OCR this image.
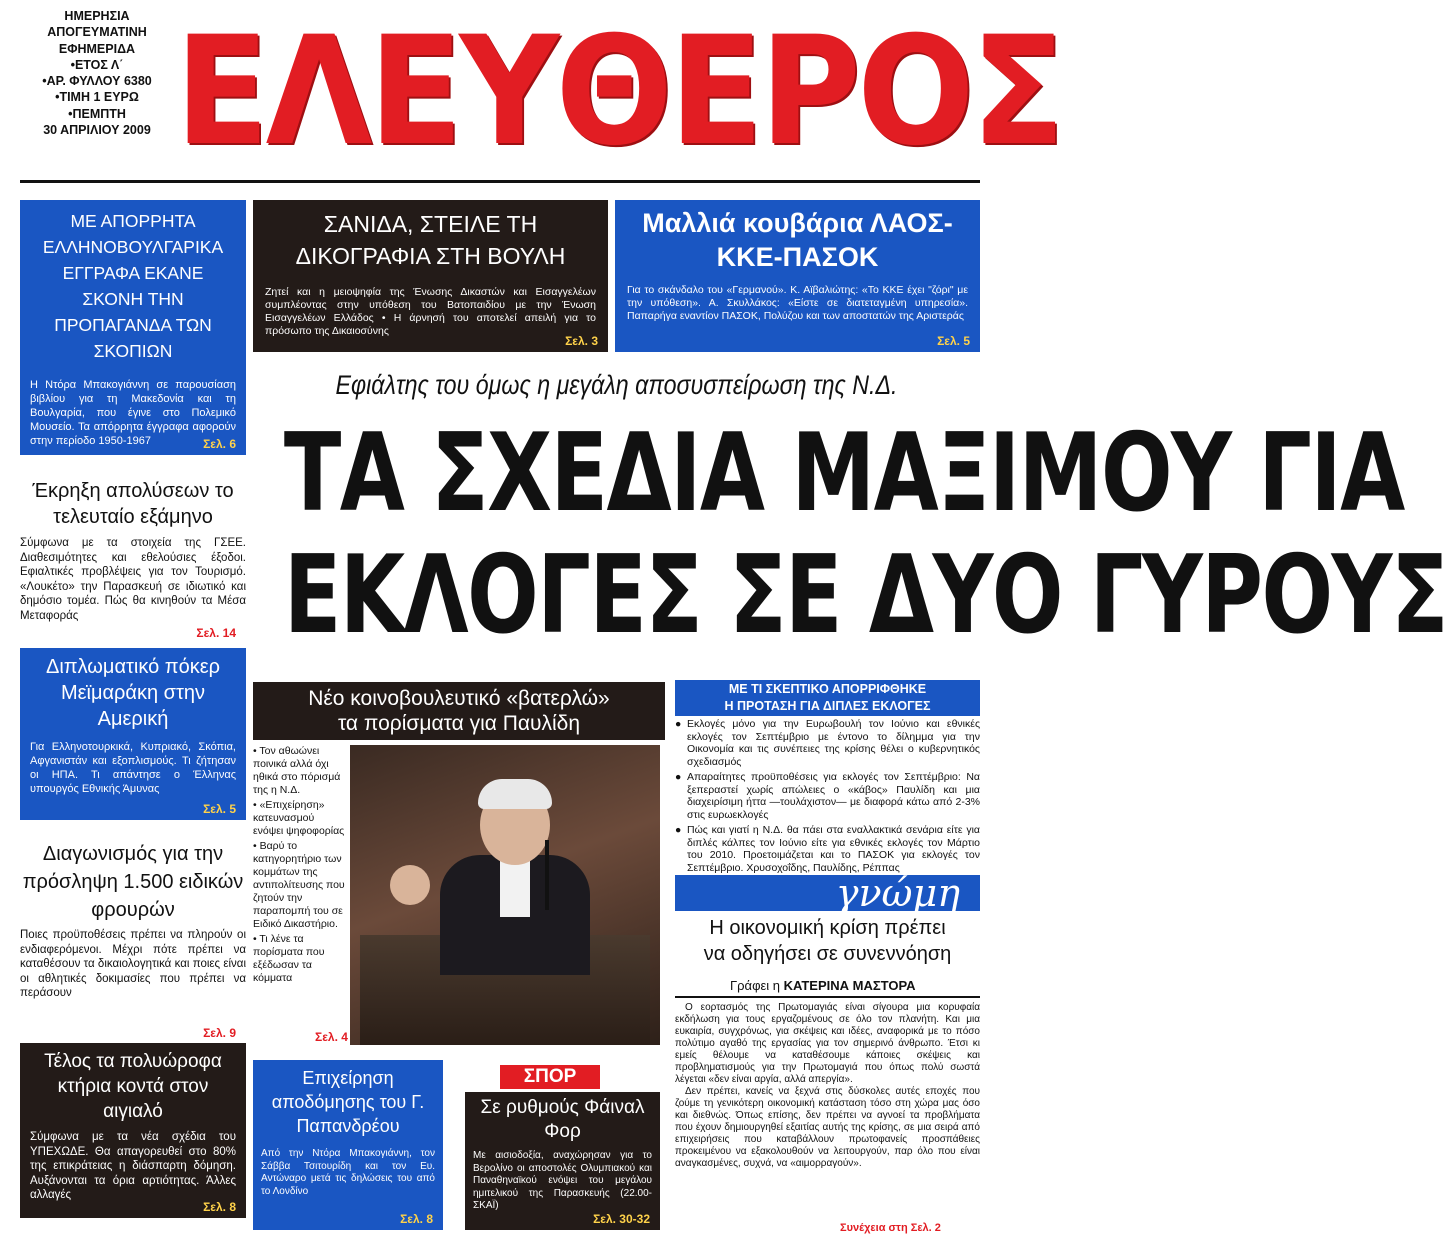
ΗΜΕΡΗΣΙΑ
ΑΠΟΓΕΥΜΑΤΙΝΗ
ΕΦΗΜΕΡΙΔΑ
•ΕΤΟΣ Λ΄
•ΑΡ. ΦΥΛΛΟΥ 6380
•ΤΙΜΗ 1 ΕΥΡΩ
•ΠΕΜΠΤΗ
30 ΑΠΡΙΛΙΟΥ 2009 ΕΛΕΥΘΕΡΟΣ
ΜΕ ΑΠΟΡΡΗΤΑ ΕΛΛΗΝΟΒΟΥΛΓΑΡΙΚΑ ΕΓΓΡΑΦΑ ΕΚΑΝΕ ΣΚΟΝΗ ΤΗΝ ΠΡΟΠΑΓΑΝΔΑ ΤΩΝ ΣΚΟΠΙΩΝ
Η Ντόρα Μπακογιάννη σε παρουσίαση βιβλίου για τη Μακεδονία και τη Βουλγαρία, που έγινε στο Πολεμικό Μουσείο. Τα απόρρητα έγγραφα αφορούν στην περίοδο 1950-1967	Σελ. 6
Έκρηξη απολύσεων το τελευταίο εξάμηνο
Σύμφωνα με τα στοιχεία της ΓΣΕΕ. Διαθεσιμότητες και εθελούσιες έξοδοι. Εφιαλτικές προβλέψεις για τον Τουρισμό. «Λουκέτο» την Παρασκευή σε ιδιωτικό και δημόσιο τομέα. Πώς θα κινηθούν τα Μέσα Μεταφοράς
Σελ. 14
Διπλωματικό πόκερ Μεϊμαράκη στην Αμερική
Για Ελληνοτουρκικά, Κυπριακό, Σκόπια, Αφγανιστάν και εξοπλισμούς. Τι ζήτησαν οι ΗΠΑ. Τι απάντησε ο Έλληνας υπουργός Εθνικής Άμυνας
Σελ. 5
Διαγωνισμός για την πρόσληψη 1.500 ειδικών φρουρών
Ποιες προϋποθέσεις πρέπει να πληρούν οι ενδιαφερόμενοι. Μέχρι πότε πρέπει να καταθέσουν τα δικαιολογητικά και ποιες είναι οι αθλητικές δοκιμασίες που πρέπει να περάσουν
Σελ. 9
Τέλος τα πολυώροφα κτήρια κοντά στον αιγιαλό
Σύμφωνα με τα νέα σχέδια του ΥΠΕΧΩΔΕ. Θα απαγορευθεί στο 80% της επικράτειας η διάσπαρτη δόμηση. Αυξάνονται τα όρια αρτιότητας. Άλλες αλλαγές
Σελ. 8
ΣΑΝΙΔΑ, ΣΤΕΙΛΕ ΤΗ ΔΙΚΟΓΡΑΦΙΑ ΣΤΗ ΒΟΥΛΗ
Ζητεί και η μειοψηφία της Ένωσης Δικαστών και Εισαγγελέων συμπλέοντας στην υπόθεση του Βατοπαιδίου με την Ένωση Εισαγγελέων Ελλάδος • Η άρνησή του αποτελεί απειλή για το πρόσωπο της Δικαιοσύνης
Σελ. 3
Μαλλιά κουβάρια ΛΑΟΣ-ΚΚΕ-ΠΑΣΟΚ
Για το σκάνδαλο του «Γερμανού». Κ. Αϊβαλιώτης: «Το ΚΚΕ έχει "ζόρι" με την υπόθεση». Α. Σκυλλάκος: «Είστε σε διατεταγμένη υπηρεσία». Παπαρήγα εναντίον ΠΑΣΟΚ, Πολύζου και των αποστατών της Αριστεράς
Σελ. 5
Εφιάλτης του όμως η μεγάλη αποσυσπείρωση της Ν.Δ.
ΤΑ ΣΧΕΔΙΑ ΜΑΞΙΜΟΥ ΓΙΑ
ΕΚΛΟΓΕΣ ΣΕ ΔΥΟ ΓΥΡΟΥΣ
Νέο κοινοβουλευτικό «βατερλώ»
τα πορίσματα για Παυλίδη
• Τον αθωώνει ποινικά αλλά όχι ηθικά στο πόρισμά της η Ν.Δ.
• «Επιχείρηση» κατευνασμού ενόψει ψηφοφορίας
• Βαρύ το κατηγορητήριο των κομμάτων της αντιπολίτευσης που ζητούν την παραπομπή του σε Ειδικό Δικαστήριο.
• Τι λένε τα πορίσματα που εξέδωσαν τα κόμματα
Σελ. 4
ΜΕ ΤΙ ΣΚΕΠΤΙΚΟ ΑΠΟΡΡΙΦΘΗΚΕ
Η ΠΡΟΤΑΣΗ ΓΙΑ ΔΙΠΛΕΣ ΕΚΛΟΓΕΣ
● Εκλογές μόνο για την Ευρωβουλή τον Ιούνιο και εθνικές εκλογές τον Σεπτέμβριο με έντονο το δίλημμα για την Οικονομία και τις συνέπειες της κρίσης θέλει ο κυβερνητικός σχεδιασμός
● Απαραίτητες προϋποθέσεις για εκλογές τον Σεπτέμβριο: Να ξεπεραστεί χωρίς απώλειες ο «κάβος» Παυλίδη και μια διαχειρίσιμη ήττα —τουλάχιστον— με διαφορά κάτω από 2-3% στις ευρωεκλογές
● Πώς και γιατί η Ν.Δ. θα πάει στα εναλλακτικά σενάρια είτε για διπλές κάλπες τον Ιούνιο είτε για εθνικές εκλογές τον Μάρτιο του 2010. Προετοιμάζεται και το ΠΑΣΟΚ για εκλογές τον Σεπτέμβριο. Χρυσοχοΐδης, Παυλίδης, Ρέππας
γνώμη
Η οικονομική κρίση πρέπει
να οδηγήσει σε συνεννόηση
Γράφει η ΚΑΤΕΡΙΝΑ ΜΑΣΤΟΡΑ
Ο εορτασμός της Πρωτομαγιάς είναι σίγουρα μια κορυφαία εκδήλωση για τους εργαζομένους σε όλο τον πλανήτη. Και μια ευκαιρία, συγχρόνως, για σκέψεις και ιδέες, αναφορικά με το πόσο πολύτιμο αγαθό της εργασίας για τον σημερινό άνθρωπο. Έτσι κι εμείς θέλουμε να καταθέσουμε κάποιες σκέψεις και προβληματισμούς για την Πρωτομαγιά που όπως πολύ σωστά λέγεται «δεν είναι αργία, αλλά απεργία».
Δεν πρέπει, κανείς να ξεχνά στις δύσκολες αυτές εποχές που ζούμε τη γενικότερη οικονομική κατάσταση τόσο στη χώρα μας όσο και διεθνώς. Όπως επίσης, δεν πρέπει να αγνοεί τα προβλήματα που έχουν δημιουργηθεί εξαιτίας αυτής της κρίσης, σε μια σειρά από επιχειρήσεις που καταβάλλουν πρωτοφανείς προσπάθειες προκειμένου να εξακολουθούν να λειτουργούν, παρ όλο που είναι αναγκασμένες, συχνά, να «αιμορραγούν».
Συνέχεια στη Σελ. 2
Επιχείρηση αποδόμησης του Γ. Παπανδρέου
Από την Ντόρα Μπακογιάννη, τον Σάββα Τσιτουρίδη και τον Ευ. Αντώναρο μετά τις δηλώσεις του από το Λονδίνο
Σελ. 8
ΣΠΟΡ
Σε ρυθμούς Φάιναλ Φορ
Με αισιοδοξία, αναχώρησαν για το Βερολίνο οι αποστολές Ολυμπιακού και Παναθηναϊκού ενόψει του μεγάλου ημιτελικού της Παρασκευής (22.00-ΣΚΑΪ)
Σελ. 30-32
